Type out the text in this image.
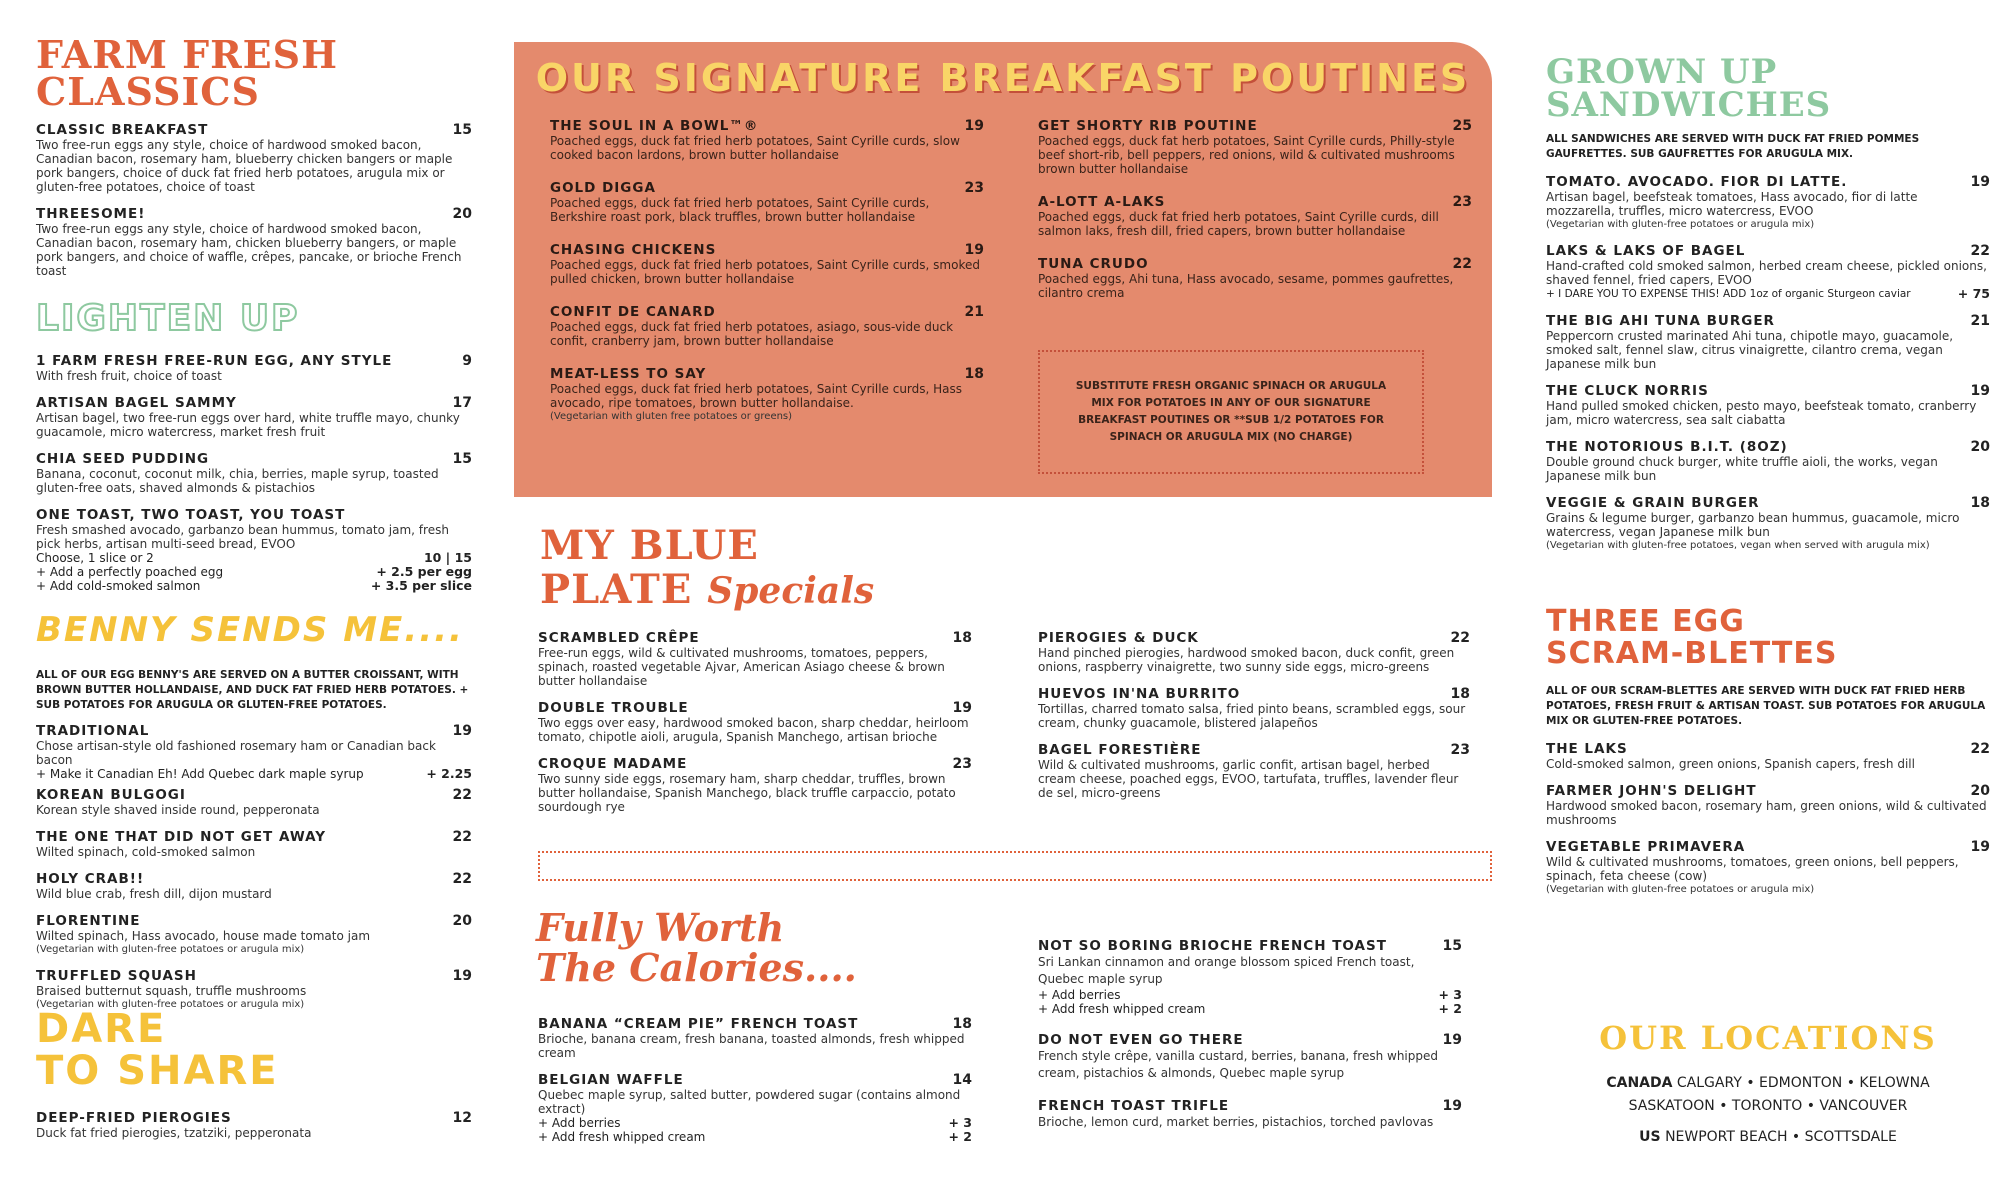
FARM FRESH
CLASSICS
CLASSIC BREAKFAST	15
Two free-run eggs any style, choice of hardwood smoked bacon, Canadian bacon, rosemary ham, blueberry chicken bangers or maple pork bangers, choice of duck fat fried herb potatoes, arugula mix or gluten-free potatoes, choice of toast
THREESOME!	20
Two free-run eggs any style, choice of hardwood smoked bacon, Canadian bacon, rosemary ham, chicken blueberry bangers, or maple pork bangers, and choice of waffle, crêpes, pancake, or brioche French toast
LIGHTEN UP
1 FARM FRESH FREE-RUN EGG, ANY STYLE	9
With fresh fruit, choice of toast
ARTISAN BAGEL SAMMY	17
Artisan bagel, two free-run eggs over hard, white truffle mayo, chunky guacamole, micro watercress, market fresh fruit
CHIA SEED PUDDING	15
Banana, coconut, coconut milk, chia, berries, maple syrup, toasted gluten-free oats, shaved almonds & pistachios
ONE TOAST, TWO TOAST, YOU TOAST
Fresh smashed avocado, garbanzo bean hummus, tomato jam, fresh pick herbs, artisan multi-seed bread, EVOO
Choose, 1 slice or 2	10 | 15
+ Add a perfectly poached egg	+ 2.5 per egg
+ Add cold-smoked salmon	+ 3.5 per slice
BENNY SENDS ME....
ALL OF OUR EGG BENNY'S ARE SERVED ON A BUTTER CROISSANT, WITH BROWN BUTTER HOLLANDAISE, AND DUCK FAT FRIED HERB POTATOES. + SUB POTATOES FOR ARUGULA OR GLUTEN-FREE POTATOES.
TRADITIONAL	19
Chose artisan-style old fashioned rosemary ham or Canadian back bacon
+ Make it Canadian Eh! Add Quebec dark maple syrup	+ 2.25
KOREAN BULGOGI	22
Korean style shaved inside round, pepperonata
THE ONE THAT DID NOT GET AWAY	22
Wilted spinach, cold-smoked salmon
HOLY CRAB!!	22
Wild blue crab, fresh dill, dijon mustard
FLORENTINE	20
Wilted spinach, Hass avocado, house made tomato jam
(Vegetarian with gluten-free potatoes or arugula mix)
TRUFFLED SQUASH	19
Braised butternut squash, truffle mushrooms
(Vegetarian with gluten-free potatoes or arugula mix)
DARE
TO SHARE
DEEP-FRIED PIEROGIES	12
Duck fat fried pierogies, tzatziki, pepperonata
OUR SIGNATURE BREAKFAST POUTINES
THE SOUL IN A BOWL™®	19
Poached eggs, duck fat fried herb potatoes, Saint Cyrille curds, slow cooked bacon lardons, brown butter hollandaise
GOLD DIGGA	23
Poached eggs, duck fat fried herb potatoes, Saint Cyrille curds, Berkshire roast pork, black truffles, brown butter hollandaise
CHASING CHICKENS	19
Poached eggs, duck fat fried herb potatoes, Saint Cyrille curds, smoked pulled chicken, brown butter hollandaise
CONFIT DE CANARD	21
Poached eggs, duck fat fried herb potatoes, asiago, sous-vide duck confit, cranberry jam, brown butter hollandaise
MEAT-LESS TO SAY	18
Poached eggs, duck fat fried herb potatoes, Saint Cyrille curds, Hass avocado, ripe tomatoes, brown butter hollandaise.
(Vegetarian with gluten free potatoes or greens)
GET SHORTY RIB POUTINE	25
Poached eggs, duck fat herb potatoes, Saint Cyrille curds, Philly-style beef short-rib, bell peppers, red onions, wild & cultivated mushrooms brown butter hollandaise
A-LOTT A-LAKS	23
Poached eggs, duck fat fried herb potatoes, Saint Cyrille curds, dill salmon laks, fresh dill, fried capers, brown butter hollandaise
TUNA CRUDO	22
Poached eggs, Ahi tuna, Hass avocado, sesame, pommes gaufrettes, cilantro crema
SUBSTITUTE FRESH ORGANIC SPINACH OR ARUGULA MIX FOR POTATOES IN ANY OF OUR SIGNATURE BREAKFAST POUTINES OR **SUB 1/2 POTATOES FOR SPINACH OR ARUGULA MIX (NO CHARGE)
MY BLUE
PLATE Specials
SCRAMBLED CRÊPE	18
Free-run eggs, wild & cultivated mushrooms, tomatoes, peppers, spinach, roasted vegetable Ajvar, American Asiago cheese & brown butter hollandaise
DOUBLE TROUBLE	19
Two eggs over easy, hardwood smoked bacon, sharp cheddar, heirloom tomato, chipotle aioli, arugula, Spanish Manchego, artisan brioche
CROQUE MADAME	23
Two sunny side eggs, rosemary ham, sharp cheddar, truffles, brown butter hollandaise, Spanish Manchego, black truffle carpaccio, potato sourdough rye
PIEROGIES & DUCK	22
Hand pinched pierogies, hardwood smoked bacon, duck confit, green onions, raspberry vinaigrette, two sunny side eggs, micro-greens
HUEVOS IN'NA BURRITO	18
Tortillas, charred tomato salsa, fried pinto beans, scrambled eggs, sour cream, chunky guacamole, blistered jalapeños
BAGEL FORESTIÈRE	23
Wild & cultivated mushrooms, garlic confit, artisan bagel, herbed cream cheese, poached eggs, EVOO, tartufata, truffles, lavender fleur de sel, micro-greens
Fully Worth
The Calories....
BANANA “CREAM PIE” FRENCH TOAST	18
Brioche, banana cream, fresh banana, toasted almonds, fresh whipped cream
BELGIAN WAFFLE	14
Quebec maple syrup, salted butter, powdered sugar (contains almond extract)
+ Add berries	+ 3
+ Add fresh whipped cream	+ 2
NOT SO BORING BRIOCHE FRENCH TOAST	15
Sri Lankan cinnamon and orange blossom spiced French toast, Quebec maple syrup
+ Add berries	+ 3
+ Add fresh whipped cream	+ 2
DO NOT EVEN GO THERE	19
French style crêpe, vanilla custard, berries, banana, fresh whipped cream, pistachios & almonds, Quebec maple syrup
FRENCH TOAST TRIFLE	19
Brioche, lemon curd, market berries, pistachios, torched pavlovas
GROWN UP
SANDWICHES
ALL SANDWICHES ARE SERVED WITH DUCK FAT FRIED POMMES GAUFRETTES. SUB GAUFRETTES FOR ARUGULA MIX.
TOMATO. AVOCADO. FIOR DI LATTE.	19
Artisan bagel, beefsteak tomatoes, Hass avocado, fior di latte mozzarella, truffles, micro watercress, EVOO
(Vegetarian with gluten-free potatoes or arugula mix)
LAKS & LAKS OF BAGEL	22
Hand-crafted cold smoked salmon, herbed cream cheese, pickled onions, shaved fennel, fried capers, EVOO
+ I DARE YOU TO EXPENSE THIS! ADD 1oz of organic Sturgeon caviar	+ 75
THE BIG AHI TUNA BURGER	21
Peppercorn crusted marinated Ahi tuna, chipotle mayo, guacamole, smoked salt, fennel slaw, citrus vinaigrette, cilantro crema, vegan Japanese milk bun
THE CLUCK NORRIS	19
Hand pulled smoked chicken, pesto mayo, beefsteak tomato, cranberry jam, micro watercress, sea salt ciabatta
THE NOTORIOUS B.I.T. (8OZ)	20
Double ground chuck burger, white truffle aioli, the works, vegan Japanese milk bun
VEGGIE & GRAIN BURGER	18
Grains & legume burger, garbanzo bean hummus, guacamole, micro watercress, vegan Japanese milk bun
(Vegetarian with gluten-free potatoes, vegan when served with arugula mix)
THREE EGG
SCRAM-BLETTES
ALL OF OUR SCRAM-BLETTES ARE SERVED WITH DUCK FAT FRIED HERB POTATOES, FRESH FRUIT & ARTISAN TOAST. SUB POTATOES FOR ARUGULA MIX OR GLUTEN-FREE POTATOES.
THE LAKS	22
Cold-smoked salmon, green onions, Spanish capers, fresh dill
FARMER JOHN'S DELIGHT	20
Hardwood smoked bacon, rosemary ham, green onions, wild & cultivated mushrooms
VEGETABLE PRIMAVERA	19
Wild & cultivated mushrooms, tomatoes, green onions, bell peppers, spinach, feta cheese (cow)
(Vegetarian with gluten-free potatoes or arugula mix)
OUR LOCATIONS
CANADA CALGARY • EDMONTON • KELOWNA
SASKATOON • TORONTO • VANCOUVER
US NEWPORT BEACH • SCOTTSDALE
